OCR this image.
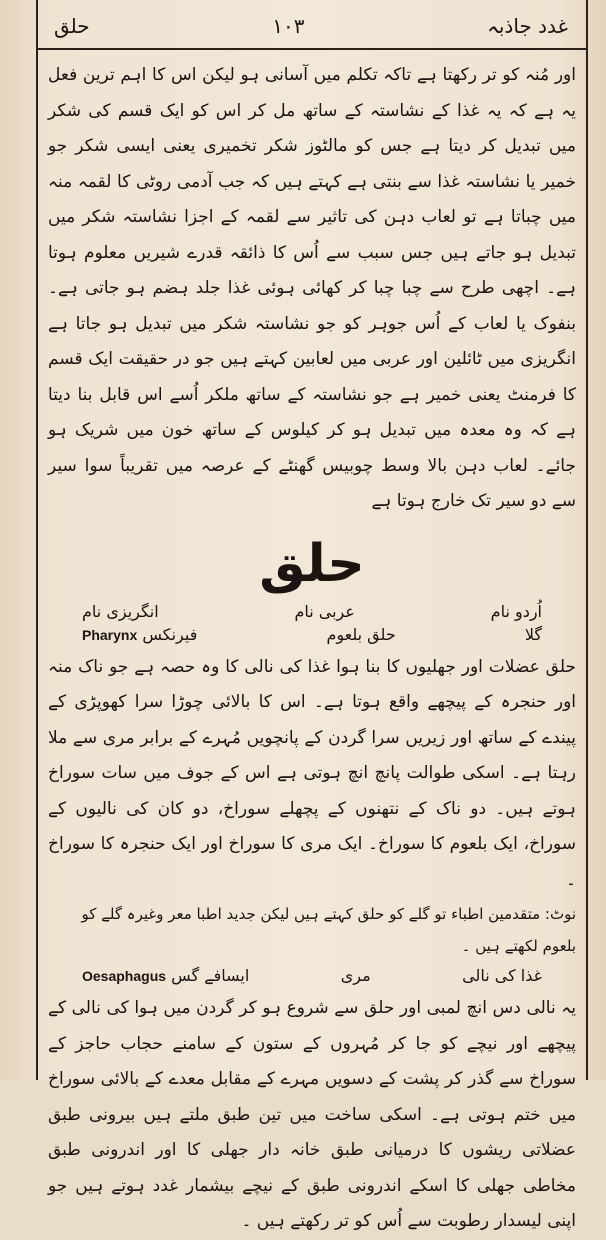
حلق	۱۰۳	غدد جاذبہ

اور مُنہ کو تر رکھتا ہے تاکہ تکلم میں آسانی ہو لیکن اس کا اہم ترین فعل یہ ہے کہ یہ غذا کے نشاستہ کے ساتھ مل کر اس کو ایک قسم کی شکر میں تبدیل کر دیتا ہے جس کو مالٹوز شکر تخمیری یعنی ایسی شکر جو خمیر یا نشاستہ غذا سے بنتی ہے کہتے ہیں کہ جب آدمی روٹی کا لقمہ منہ میں چباتا ہے تو لعاب دہن کی تاثیر سے لقمہ کے اجزا نشاستہ شکر میں تبدیل ہو جاتے ہیں جس سبب سے اُس کا ذائقہ قدرے شیریں معلوم ہوتا ہے۔ اچھی طرح سے چبا چبا کر کھائی ہوئی غذا جلد ہضم ہو جاتی ہے۔ بنفوک یا لعاب کے اُس جوہر کو جو نشاستہ شکر میں تبدیل ہو جاتا ہے انگریزی میں ٹائلین اور عربی میں لعابین کہتے ہیں جو در حقیقت ایک قسم کا فرمنٹ یعنی خمیر ہے جو نشاستہ کے ساتھ ملکر اُسے اس قابل بنا دیتا ہے کہ وہ معدہ میں تبدیل ہو کر کیلوس کے ساتھ خون میں شریک ہو جائے۔ لعاب دہن بالا وسط چوبیس گھنٹے کے عرصہ میں تقریباً سوا سیر سے دو سیر تک خارج ہوتا ہے

حلق
اُردو نام
عربی نام
انگریزی نام
گلا
حلق بلعوم
فیرنکس Pharynx

حلق عضلات اور جھلیوں کا بنا ہوا غذا کی نالی کا وہ حصہ ہے جو ناک منہ اور حنجرہ کے پیچھے واقع ہوتا ہے۔ اس کا بالائی چوڑا سرا کھوپڑی کے پیندے کے ساتھ اور زیریں سرا گردن کے پانچویں مُہرے کے برابر مری سے ملا رہتا ہے۔ اسکی طوالت پانچ انچ ہوتی ہے اس کے جوف میں سات سوراخ ہوتے ہیں۔ دو ناک کے نتھنوں کے پچھلے سوراخ، دو کان کی نالیوں کے سوراخ، ایک بلعوم کا سوراخ۔ ایک مری کا سوراخ اور ایک حنجرہ کا سوراخ ۔

نوٹ: متقدمین اطباء تو گلے کو حلق کہتے ہیں لیکن جدید اطبا معر وغیرہ گلے کو بلعوم لکھتے ہیں ۔

غذا کی نالی
مری
ایسافے گس Oesaphagus

یہ نالی دس انچ لمبی اور حلق سے شروع ہو کر گردن میں ہوا کی نالی کے پیچھے اور نیچے کو جا کر مُہروں کے ستون کے سامنے حجاب حاجز کے سوراخ سے گذر کر پشت کے دسویں مہرے کے مقابل معدے کے بالائی سوراخ میں ختم ہوتی ہے۔ اسکی ساخت میں تین طبق ملتے ہیں بیرونی طبق عضلاتی ریشوں کا درمیانی طبق خانہ دار جھلی کا اور اندرونی طبق مخاطی جھلی کا اسکے اندرونی طبق کے نیچے بیشمار غدد ہوتے ہیں جو اپنی لیسدار رطوبت سے اُس کو تر رکھتے ہیں ۔
